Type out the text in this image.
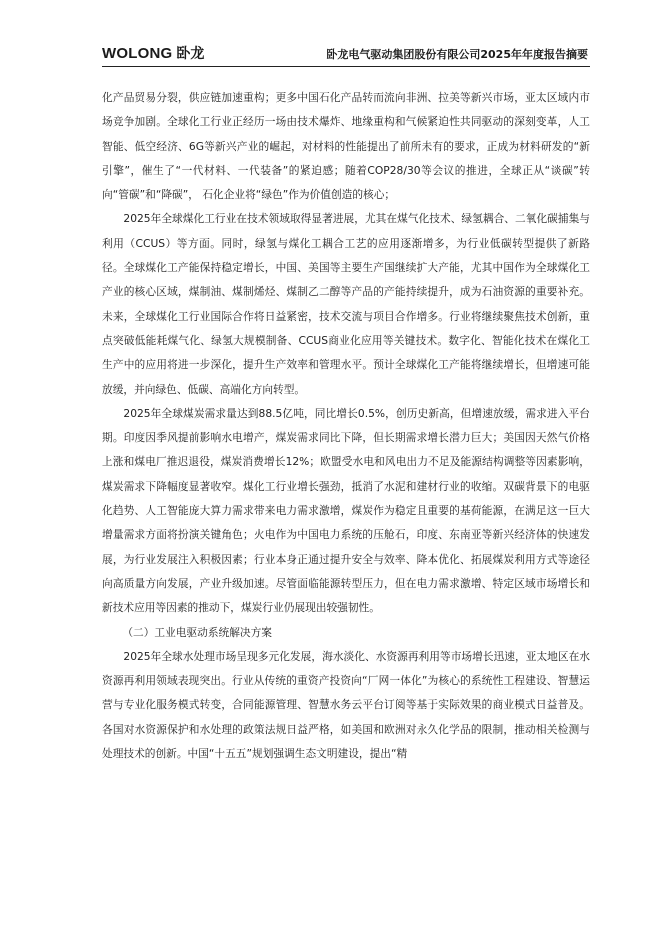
WOLONG 卧龙	卧龙电气驱动集团股份有限公司2025年年度报告摘要

化产品贸易分裂，供应链加速重构；更多中国石化产品转而流向非洲、拉美等新兴市场，亚太区域内市场竞争加剧。全球化工行业正经历一场由技术爆炸、地缘重构和气候紧迫性共同驱动的深刻变革，人工智能、低空经济、6G等新兴产业的崛起，对材料的性能提出了前所未有的要求，正成为材料研发的“新引擎”，催生了“一代材料、一代装备”的紧迫感；随着COP28/30等会议的推进，全球正从“谈碳”转向“管碳”和“降碳”， 石化企业将“绿色”作为价值创造的核心；

2025年全球煤化工行业在技术领域取得显著进展，尤其在煤气化技术、绿氢耦合、二氧化碳捕集与利用（CCUS）等方面。同时，绿氢与煤化工耦合工艺的应用逐渐增多，为行业低碳转型提供了新路径。全球煤化工产能保持稳定增长，中国、美国等主要生产国继续扩大产能，尤其中国作为全球煤化工产业的核心区域，煤制油、煤制烯烃、煤制乙二醇等产品的产能持续提升，成为石油资源的重要补充。未来，全球煤化工行业国际合作将日益紧密，技术交流与项目合作增多。行业将继续聚焦技术创新，重点突破低能耗煤气化、绿氢大规模制备、CCUS商业化应用等关键技术。数字化、智能化技术在煤化工生产中的应用将进一步深化，提升生产效率和管理水平。预计全球煤化工产能将继续增长，但增速可能放缓，并向绿色、低碳、高端化方向转型。

2025年全球煤炭需求量达到88.5亿吨，同比增长0.5%，创历史新高，但增速放缓，需求进入平台期。印度因季风提前影响水电增产，煤炭需求同比下降，但长期需求增长潜力巨大；美国因天然气价格上涨和煤电厂推迟退役，煤炭消费增长12%；欧盟受水电和风电出力不足及能源结构调整等因素影响，煤炭需求下降幅度显著收窄。煤化工行业增长强劲，抵消了水泥和建材行业的收缩。双碳背景下的电驱化趋势、人工智能庞大算力需求带来电力需求激增，煤炭作为稳定且重要的基荷能源，在满足这一巨大增量需求方面将扮演关键角色；火电作为中国电力系统的压舱石，印度、东南亚等新兴经济体的快速发展，为行业发展注入积极因素；行业本身正通过提升安全与效率、降本优化、拓展煤炭利用方式等途径向高质量方向发展，产业升级加速。尽管面临能源转型压力，但在电力需求激增、特定区域市场增长和新技术应用等因素的推动下，煤炭行业仍展现出较强韧性。

（二）工业电驱动系统解决方案

2025年全球水处理市场呈现多元化发展，海水淡化、水资源再利用等市场增长迅速，亚太地区在水资源再利用领域表现突出。行业从传统的重资产投资向“厂网一体化”为核心的系统性工程建设、智慧运营与专业化服务模式转变，合同能源管理、智慧水务云平台订阅等基于实际效果的商业模式日益普及。各国对水资源保护和水处理的政策法规日益严格，如美国和欧洲对永久化学品的限制，推动相关检测与处理技术的创新。中国“十五五”规划强调生态文明建设，提出“精
